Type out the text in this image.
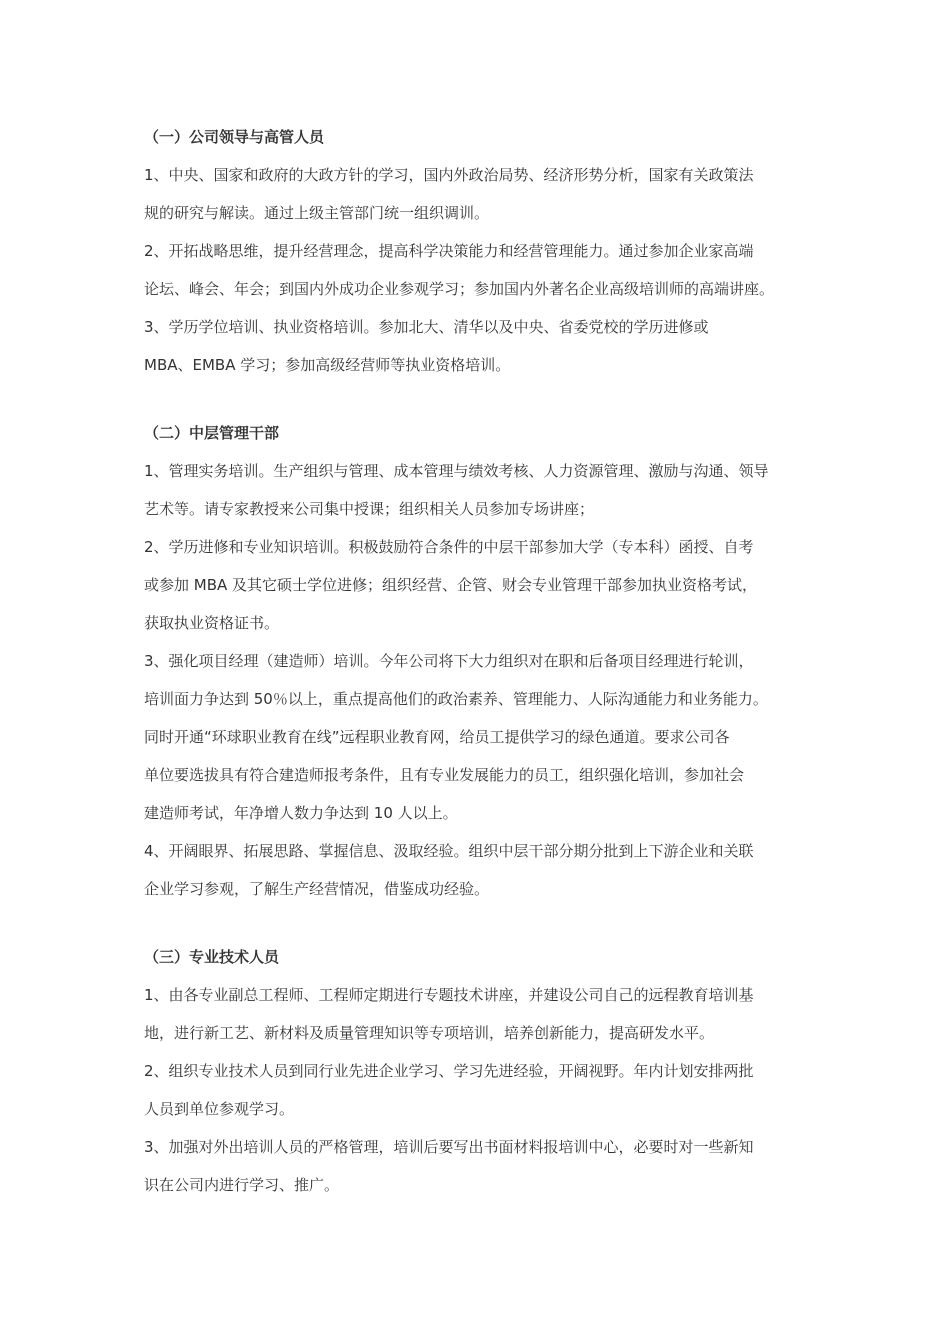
（一）公司领导与高管人员

1、中央、国家和政府的大政方针的学习，国内外政治局势、经济形势分析，国家有关政策法

规的研究与解读。通过上级主管部门统一组织调训。

2、开拓战略思维，提升经营理念，提高科学决策能力和经营管理能力。通过参加企业家高端

论坛、峰会、年会；到国内外成功企业参观学习；参加国内外著名企业高级培训师的高端讲座。

3、学历学位培训、执业资格培训。参加北大、清华以及中央、省委党校的学历进修或

MBA、EMBA 学习；参加高级经营师等执业资格培训。

（二）中层管理干部

1、管理实务培训。生产组织与管理、成本管理与绩效考核、人力资源管理、激励与沟通、领导

艺术等。请专家教授来公司集中授课；组织相关人员参加专场讲座；

2、学历进修和专业知识培训。积极鼓励符合条件的中层干部参加大学（专本科）函授、自考

或参加 MBA 及其它硕士学位进修；组织经营、企管、财会专业管理干部参加执业资格考试，

获取执业资格证书。

3、强化项目经理（建造师）培训。今年公司将下大力组织对在职和后备项目经理进行轮训，

培训面力争达到 50％以上，重点提高他们的政治素养、管理能力、人际沟通能力和业务能力。

同时开通“环球职业教育在线”远程职业教育网，给员工提供学习的绿色通道。要求公司各

单位要选拔具有符合建造师报考条件，且有专业发展能力的员工，组织强化培训，参加社会

建造师考试，年净增人数力争达到 10 人以上。

4、开阔眼界、拓展思路、掌握信息、汲取经验。组织中层干部分期分批到上下游企业和关联

企业学习参观，了解生产经营情况，借鉴成功经验。

（三）专业技术人员

1、由各专业副总工程师、工程师定期进行专题技术讲座，并建设公司自己的远程教育培训基

地，进行新工艺、新材料及质量管理知识等专项培训，培养创新能力，提高研发水平。

2、组织专业技术人员到同行业先进企业学习、学习先进经验，开阔视野。年内计划安排两批

人员到单位参观学习。

3、加强对外出培训人员的严格管理，培训后要写出书面材料报培训中心，必要时对一些新知

识在公司内进行学习、推广。
